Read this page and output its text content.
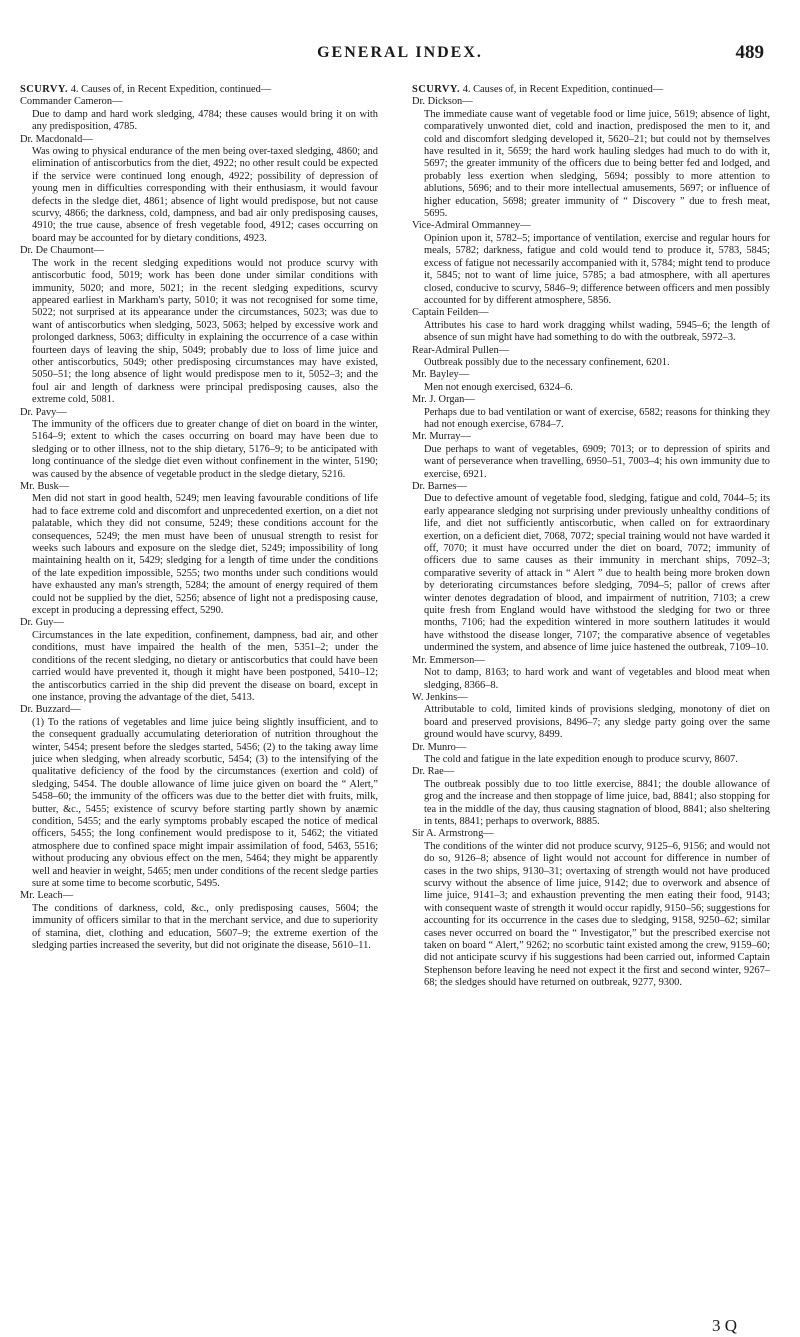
GENERAL INDEX.	489

SCURVY. 4. Causes of, in Recent Expedition, continued—

Commander Cameron—

Due to damp and hard work sledging, 4784; these causes would bring it on with any predisposition, 4785.

Dr. Macdonald—

Was owing to physical endurance of the men being over-taxed sledging, 4860; and elimination of antiscorbutics from the diet, 4922; no other result could be expected if the service were continued long enough, 4922; possibility of depression of young men in difficulties corresponding with their enthusiasm, it would favour defects in the sledge diet, 4861; absence of light would predispose, but not cause scurvy, 4866; the darkness, cold, dampness, and bad air only predisposing causes, 4910; the true cause, absence of fresh vegetable food, 4912; cases occurring on board may be accounted for by dietary conditions, 4923.

Dr. De Chaumont—

The work in the recent sledging expeditions would not produce scurvy with antiscorbutic food, 5019; work has been done under similar conditions with immunity, 5020; and more, 5021; in the recent sledging expeditions, scurvy appeared earliest in Markham's party, 5010; it was not recognised for some time, 5022; not surprised at its appearance under the circumstances, 5023; was due to want of antiscorbutics when sledging, 5023, 5063; helped by excessive work and prolonged darkness, 5063; difficulty in explaining the occurrence of a case within fourteen days of leaving the ship, 5049; probably due to loss of lime juice and other antiscorbutics, 5049; other predisposing circumstances may have existed, 5050–51; the long absence of light would predispose men to it, 5052–3; and the foul air and length of darkness were principal predisposing causes, also the extreme cold, 5081.

Dr. Pavy—

The immunity of the officers due to greater change of diet on board in the winter, 5164–9; extent to which the cases occurring on board may have been due to sledging or to other illness, not to the ship dietary, 5176–9; to be anticipated with long continuance of the sledge diet even without confinement in the winter, 5190; was caused by the absence of vegetable product in the sledge dietary, 5216.

Mr. Busk—

Men did not start in good health, 5249; men leaving favourable conditions of life had to face extreme cold and discomfort and unprecedented exertion, on a diet not palatable, which they did not consume, 5249; these conditions account for the consequences, 5249; the men must have been of unusual strength to resist for weeks such labours and exposure on the sledge diet, 5249; impossibility of long maintaining health on it, 5429; sledging for a length of time under the conditions of the late expedition impossible, 5255; two months under such conditions would have exhausted any man's strength, 5284; the amount of energy required of them could not be supplied by the diet, 5256; absence of light not a predisposing cause, except in producing a depressing effect, 5290.

Dr. Guy—

Circumstances in the late expedition, confinement, dampness, bad air, and other conditions, must have impaired the health of the men, 5351–2; under the conditions of the recent sledging, no dietary or antiscorbutics that could have been carried would have prevented it, though it might have been postponed, 5410–12; the antiscorbutics carried in the ship did prevent the disease on board, except in one instance, proving the advantage of the diet, 5413.

Dr. Buzzard—

(1) To the rations of vegetables and lime juice being slightly insufficient, and to the consequent gradually accumulating deterioration of nutrition throughout the winter, 5454; present before the sledges started, 5456; (2) to the taking away lime juice when sledging, when already scorbutic, 5454; (3) to the intensifying of the qualitative deficiency of the food by the circumstances (exertion and cold) of sledging, 5454. The double allowance of lime juice given on board the “ Alert,” 5458–60; the immunity of the officers was due to the better diet with fruits, milk, butter, &c., 5455; existence of scurvy before starting partly shown by anæmic condition, 5455; and the early symptoms probably escaped the notice of medical officers, 5455; the long confinement would predispose to it, 5462; the vitiated atmosphere due to confined space might impair assimilation of food, 5463, 5516; without producing any obvious effect on the men, 5464; they might be apparently well and heavier in weight, 5465; men under conditions of the recent sledge parties sure at some time to become scorbutic, 5495.

Mr. Leach—

The conditions of darkness, cold, &c., only predisposing causes, 5604; the immunity of officers similar to that in the merchant service, and due to superiority of stamina, diet, clothing and education, 5607–9; the extreme exertion of the sledging parties increased the severity, but did not originate the disease, 5610–11.

SCURVY. 4. Causes of, in Recent Expedition, continued—

Dr. Dickson—

The immediate cause want of vegetable food or lime juice, 5619; absence of light, comparatively unwonted diet, cold and inaction, predisposed the men to it, and cold and discomfort sledging developed it, 5620–21; but could not by themselves have resulted in it, 5659; the hard work hauling sledges had much to do with it, 5697; the greater immunity of the officers due to being better fed and lodged, and probably less exertion when sledging, 5694; possibly to more attention to ablutions, 5696; and to their more intellectual amusements, 5697; or influence of higher education, 5698; greater immunity of “ Discovery ” due to fresh meat, 5695.

Vice-Admiral Ommanney—

Opinion upon it, 5782–5; importance of ventilation, exercise and regular hours for meals, 5782; darkness, fatigue and cold would tend to produce it, 5783, 5845; excess of fatigue not necessarily accompanied with it, 5784; might tend to produce it, 5845; not to want of lime juice, 5785; a bad atmosphere, with all apertures closed, conducive to scurvy, 5846–9; difference between officers and men possibly accounted for by different atmosphere, 5856.

Captain Feilden—

Attributes his case to hard work dragging whilst wading, 5945–6; the length of absence of sun might have had something to do with the outbreak, 5972–3.

Rear-Admiral Pullen—

Outbreak possibly due to the necessary confinement, 6201.

Mr. Bayley—

Men not enough exercised, 6324–6.

Mr. J. Organ—

Perhaps due to bad ventilation or want of exercise, 6582; reasons for thinking they had not enough exercise, 6784–7.

Mr. Murray—

Due perhaps to want of vegetables, 6909; 7013; or to depression of spirits and want of perseverance when travelling, 6950–51, 7003–4; his own immunity due to exercise, 6921.

Dr. Barnes—

Due to defective amount of vegetable food, sledging, fatigue and cold, 7044–5; its early appearance sledging not surprising under previously unhealthy conditions of life, and diet not sufficiently antiscorbutic, when called on for extraordinary exertion, on a deficient diet, 7068, 7072; special training would not have warded it off, 7070; it must have occurred under the diet on board, 7072; immunity of officers due to same causes as their immunity in merchant ships, 7092–3; comparative severity of attack in “ Alert ” due to health being more broken down by deteriorating circumstances before sledging, 7094–5; pallor of crews after winter denotes degradation of blood, and impairment of nutrition, 7103; a crew quite fresh from England would have withstood the sledging for two or three months, 7106; had the expedition wintered in more southern latitudes it would have withstood the disease longer, 7107; the comparative absence of vegetables undermined the system, and absence of lime juice hastened the outbreak, 7109–10.

Mr. Emmerson—

Not to damp, 8163; to hard work and want of vegetables and blood meat when sledging, 8366–8.

W. Jenkins—

Attributable to cold, limited kinds of provisions sledging, monotony of diet on board and preserved provisions, 8496–7; any sledge party going over the same ground would have scurvy, 8499.

Dr. Munro—

The cold and fatigue in the late expedition enough to produce scurvy, 8607.

Dr. Rae—

The outbreak possibly due to too little exercise, 8841; the double allowance of grog and the increase and then stoppage of lime juice, bad, 8841; also stopping for tea in the middle of the day, thus causing stagnation of blood, 8841; also sheltering in tents, 8841; perhaps to overwork, 8885.

Sir A. Armstrong—

The conditions of the winter did not produce scurvy, 9125–6, 9156; and would not do so, 9126–8; absence of light would not account for difference in number of cases in the two ships, 9130–31; overtaxing of strength would not have produced scurvy without the absence of lime juice, 9142; due to overwork and absence of lime juice, 9141–3; and exhaustion preventing the men eating their food, 9143; with consequent waste of strength it would occur rapidly, 9150–56; suggestions for accounting for its occurrence in the cases due to sledging, 9158, 9250–62; similar cases never occurred on board the “ Investigator,” but the prescribed exercise not taken on board “ Alert,” 9262; no scorbutic taint existed among the crew, 9159–60; did not anticipate scurvy if his suggestions had been carried out, informed Captain Stephenson before leaving he need not expect it the first and second winter, 9267–68; the sledges should have returned on outbreak, 9277, 9300.

3 Q
